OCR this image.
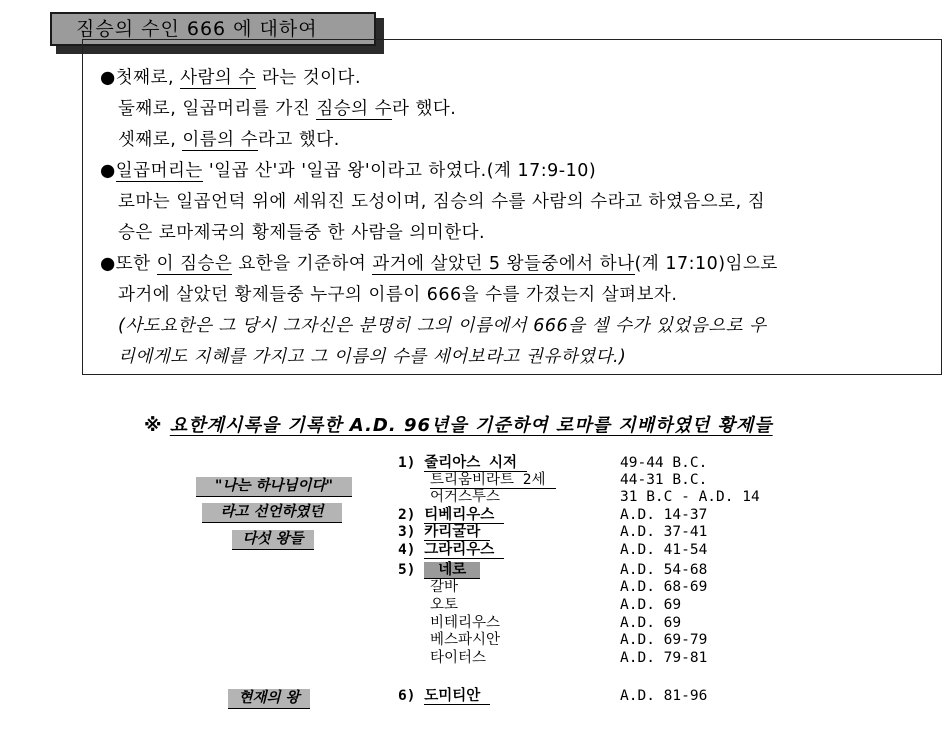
짐승의 수인 666 에 대하여
●첫째로, 사람의 수 라는 것이다.
둘째로, 일곱머리를 가진 짐승의 수라 했다.
셋째로, 이름의 수라고 했다.
●일곱머리는 '일곱 산'과 '일곱 왕'이라고 하였다.(계 17:9-10)
로마는 일곱언덕 위에 세워진 도성이며, 짐승의 수를 사람의 수라고 하였음으로, 짐
승은 로마제국의 황제들중 한 사람을 의미한다.
●또한 이 짐승은 요한을 기준하여 과거에 살았던 5 왕들중에서 하나(계 17:10)임으로
과거에 살았던 황제들중 누구의 이름이 666을 수를 가졌는지 살펴보자.
(사도요한은 그 당시 그자신은 분명히 그의 이름에서 666을 셀 수가 있었음으로 우
리에게도 지혜를 가지고 그 이름의 수를 세어보라고 권유하였다.)
※ 요한계시록을 기록한 A.D. 96년을 기준하여 로마를 지배하였던 황제들
"나는 하나님이다"
라고 선언하였던
다섯 왕들
현재의 왕
1) 줄리아스 시저	49-44 B.C.
트리움비라트 2세	44-31 B.C.
어거스투스	31 B.C - A.D. 14
2) 티베리우스	A.D. 14-37
3) 카리굴라	A.D. 37-41
4) 그라리우스	A.D. 41-54
5) 네로	A.D. 54-68
갈바	A.D. 68-69
오토	A.D. 69
비테리우스	A.D. 69
베스파시안	A.D. 69-79
타이터스	A.D. 79-81
6) 도미티안	A.D. 81-96
